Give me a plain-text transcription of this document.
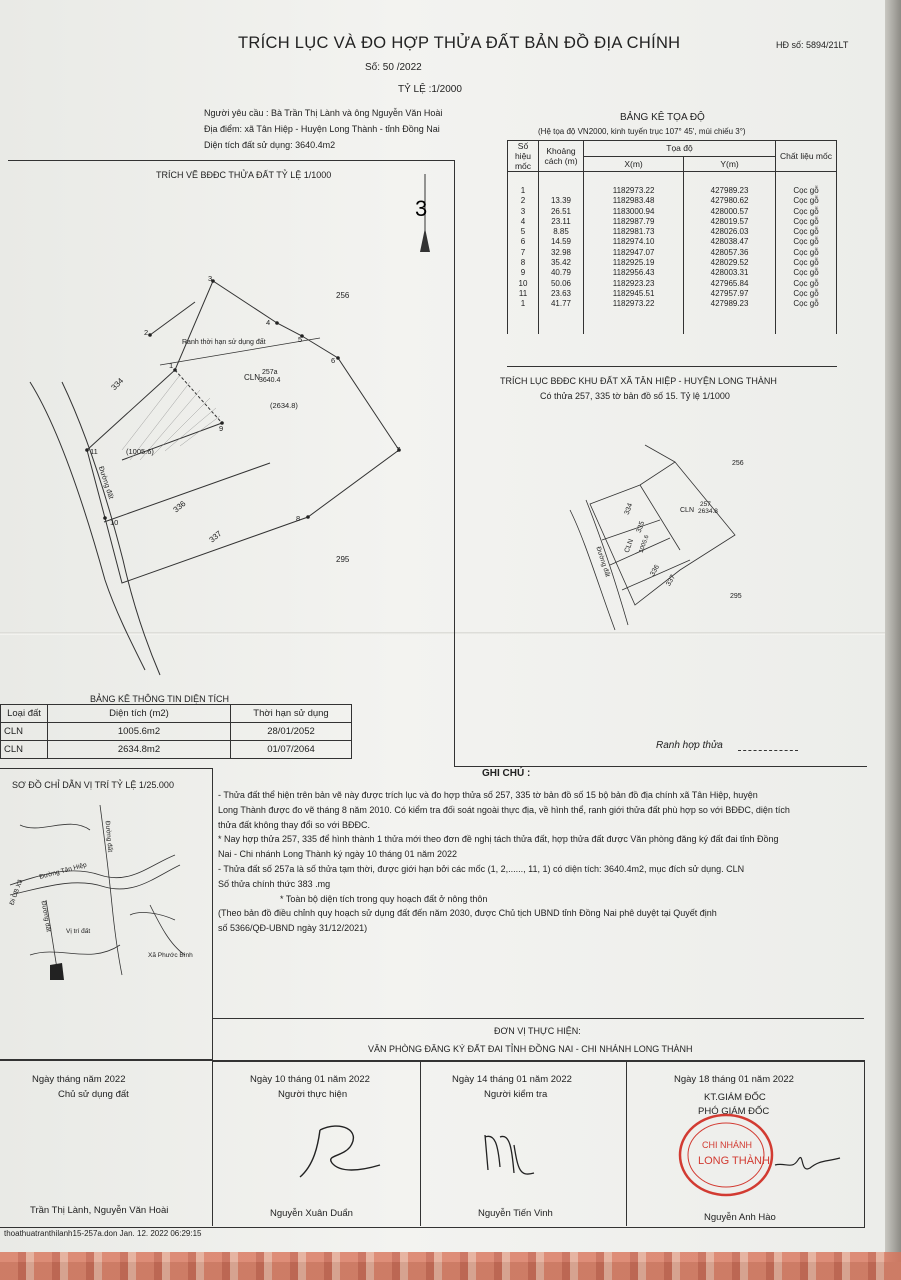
TRÍCH LỤC VÀ ĐO HỢP THỬA ĐẤT BẢN ĐỒ ĐỊA CHÍNH	HĐ số: 5894/21LT
Số: 50 /2022
TỶ LỆ :1/2000
Người yêu cầu : Bà Trần Thị Lành và ông Nguyễn Văn Hoài
Địa điểm: xã Tân Hiệp - Huyện Long Thành - tỉnh Đồng Nai
Diện tích đất sử dụng: 3640.4m2
TRÍCH VẼ BĐĐC THỬA ĐẤT TỶ LỆ 1/1000
3
11
1
2
3
4
5
6
7
8
9
10
256
334
336
337
295
CLN
257a
3640.4
(1005.6)
(2634.8)
Ranh thời hạn sử dụng đất
Đường đất
BẢNG KÊ TỌA ĐỘ
(Hệ tọa độ VN2000, kinh tuyến trục 107° 45', múi chiếu 3°)
Số hiệu mốc	Khoảng cách (m)	Tọa độ		Chất liệu mốc
		X(m)	Y(m)	

1		1182973.22	427989.23	Cọc gỗ
2	13.39	1182983.48	427980.62	Cọc gỗ
3	26.51	1183000.94	428000.57	Cọc gỗ
4	23.11	1182987.79	428019.57	Cọc gỗ
5	8.85	1182981.73	428026.03	Cọc gỗ
6	14.59	1182974.10	428038.47	Cọc gỗ
7	32.98	1182947.07	428057.36	Cọc gỗ
8	35.42	1182925.19	428029.52	Cọc gỗ
9	40.79	1182956.43	428003.31	Cọc gỗ
10	50.06	1182923.23	427965.84	Cọc gỗ
11	23.63	1182945.51	427957.97	Cọc gỗ
1	41.77	1182973.22	427989.23	Cọc gỗ

TRÍCH LỤC BĐĐC KHU ĐẤT XÃ TÂN HIỆP - HUYỆN LONG THÀNH
Có thửa 257, 335 tờ bản đồ số 15. Tỷ lệ 1/1000
256
334
335
336
337
295
CLN
257
2634.8
CLN 1005.6
Đường đất
Ranh hợp thửa
BẢNG KÊ THÔNG TIN DIỆN TÍCH
Loại đất	Diện tích (m2)	Thời hạn sử dụng
CLN	1005.6m2	28/01/2052
CLN	2634.8m2	01/07/2064
SƠ ĐỒ CHỈ DẪN VỊ TRÍ TỶ LỆ 1/25.000
Đường Tân Hiệp
Đi UB Xã
Đường đất
Đường đất	Vị trí đất
Xã Phước Bình
GHI CHÚ :
- Thửa đất thể hiện trên bản vẽ này được trích lục và đo hợp thửa số 257, 335 tờ bản đồ số 15 bộ bản đồ địa chính xã Tân Hiệp, huyện
Long Thành được đo vẽ tháng 8 năm 2010. Có kiểm tra đối soát ngoài thực địa, về hình thể, ranh giới thửa đất phù hợp so với BĐĐC, diện tích
thửa đất không thay đổi so với BĐĐC.
* Nay hợp thửa 257, 335 để hình thành 1 thửa mới theo đơn đề nghị tách thửa đất, hợp thửa đất được Văn phòng đăng ký đất đai tỉnh Đồng
Nai - Chi nhánh Long Thành ký ngày 10 tháng 01 năm 2022
- Thửa đất số 257a là số thửa tạm thời, được giới hạn bởi các mốc (1, 2,......, 11, 1) có diện tích: 3640.4m2, mục đích sử dụng. CLN
Số thửa chính thức 383 .mg
* Toàn bộ diện tích trong quy hoạch đất ở nông thôn
(Theo bản đồ điều chỉnh quy hoạch sử dụng đất đến năm 2030, được Chủ tịch UBND tỉnh Đồng Nai phê duyệt tại Quyết định
số 5366/QĐ-UBND ngày 31/12/2021)
ĐƠN VỊ THỰC HIỆN:
VĂN PHÒNG ĐĂNG KÝ ĐẤT ĐAI TỈNH ĐỒNG NAI - CHI NHÁNH LONG THÀNH
Ngày tháng năm 2022
Chủ sử dụng đất
Trần Thị Lành, Nguyễn Văn Hoài
Ngày 10 tháng 01 năm 2022
Người thực hiện
Nguyễn Xuân Duẩn
Ngày 14 tháng 01 năm 2022
Người kiểm tra
Nguyễn Tiến Vinh
Ngày 18 tháng 01 năm 2022
KT.GIÁM ĐỐC
PHÓ GIÁM ĐỐC
Nguyễn Anh Hào
CHI NHÁNH
LONG THÀNH
thoathuatranthilanh15-257a.don Jan. 12. 2022 06:29:15
